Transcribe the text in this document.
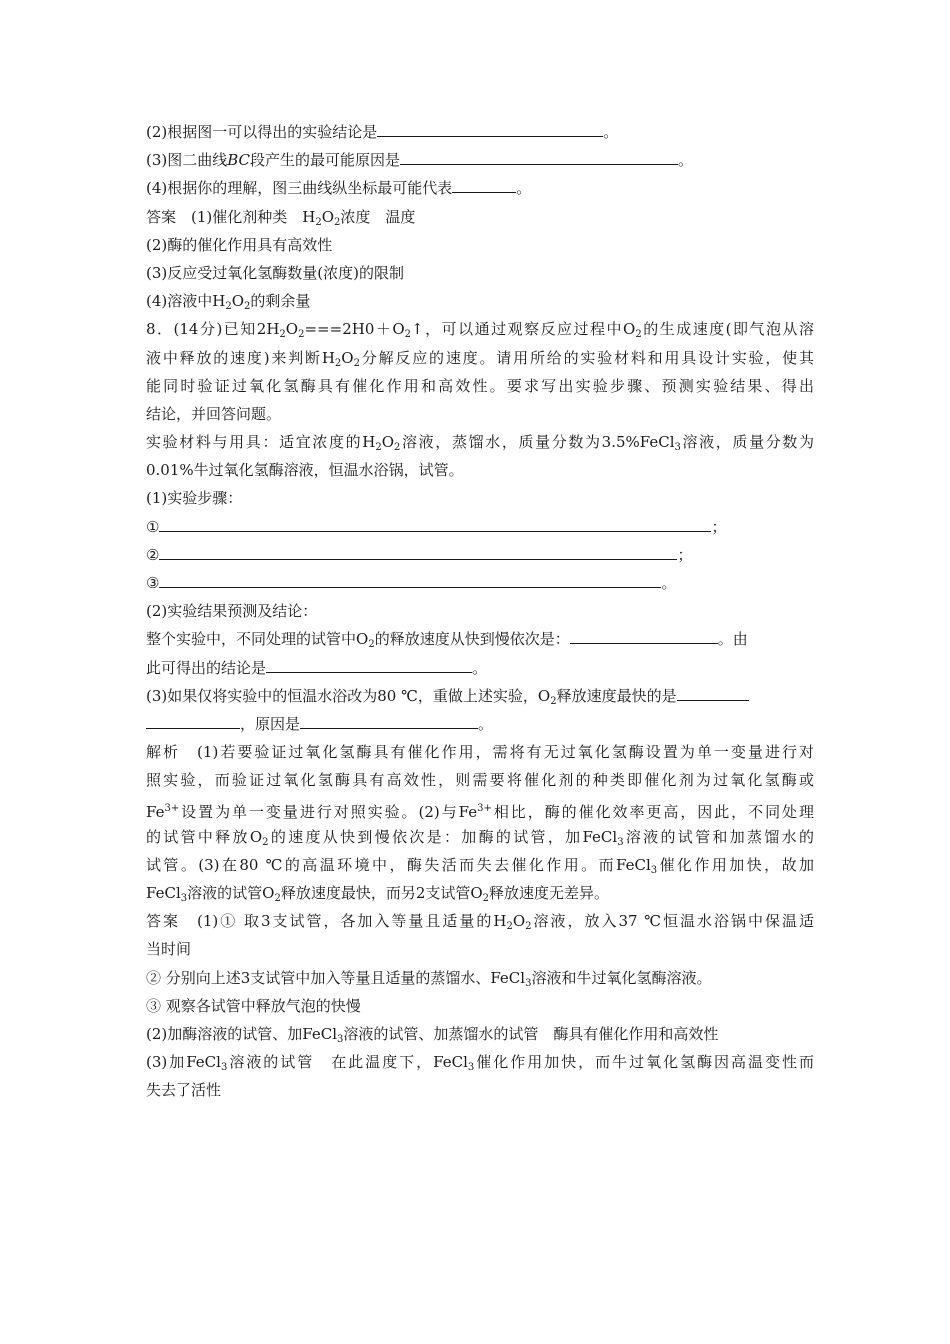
(2)根据图一可以得出的实验结论是	。
(3)图二曲线BC段产生的最可能原因是	。
(4)根据你的理解，图三曲线纵坐标最可能代表	。
答案　(1)催化剂种类　$H_2O_2$浓度　温度
(2)酶的催化作用具有高效性
(3)反应受过氧化氢酶数量(浓度)的限制
(4)溶液中$H_2O_2$的剩余量
8．(14分)已知$2H_2O_2===2H0+O_2↑$，可以通过观察反应过程中$O_2$的生成速度(即气泡从溶
液中释放的速度)来判断$H_2O_2$分解反应的速度。请用所给的实验材料和用具设计实验，使其
能同时验证过氧化氢酶具有催化作用和高效性。要求写出实验步骤、预测实验结果、得出
结论，并回答问题。
实验材料与用具：适宜浓度的$H_2O_2$溶液，蒸馏水，质量分数为3.5%FeCl$_3$溶液，质量分数为
0.01%牛过氧化氢酶溶液，恒温水浴锅，试管。
(1)实验步骤：
①	；
②	；
③	。
(2)实验结果预测及结论：
整个实验中，不同处理的试管中$O_2$的释放速度从快到慢依次是：	。由
此可得出的结论是	。
(3)如果仅将实验中的恒温水浴改为80 ℃，重做上述实验，$O_2$释放速度最快的是
，原因是	。
解析　(1)若要验证过氧化氢酶具有催化作用，需将有无过氧化氢酶设置为单一变量进行对
照实验，而验证过氧化氢酶具有高效性，则需要将催化剂的种类即催化剂为过氧化氢酶或
$Fe^{3+}$设置为单一变量进行对照实验。(2)与$Fe^{3+}$相比，酶的催化效率更高，因此，不同处理
的试管中释放$O_2$的速度从快到慢依次是：加酶的试管，加FeCl$_3$溶液的试管和加蒸馏水的
试管。(3)在80 ℃的高温环境中，酶失活而失去催化作用。而FeCl$_3$催化作用加快，故加
FeCl$_3$溶液的试管$O_2$释放速度最快，而另2支试管$O_2$释放速度无差异。
答案　(1)① 取3支试管，各加入等量且适量的$H_2O_2$溶液，放入37 ℃恒温水浴锅中保温适
当时间
② 分别向上述3支试管中加入等量且适量的蒸馏水、FeCl$_3$溶液和牛过氧化氢酶溶液。
③ 观察各试管中释放气泡的快慢
(2)加酶溶液的试管、加FeCl$_3$溶液的试管、加蒸馏水的试管　酶具有催化作用和高效性
(3)加FeCl$_3$溶液的试管　在此温度下，FeCl$_3$催化作用加快，而牛过氧化氢酶因高温变性而
失去了活性
